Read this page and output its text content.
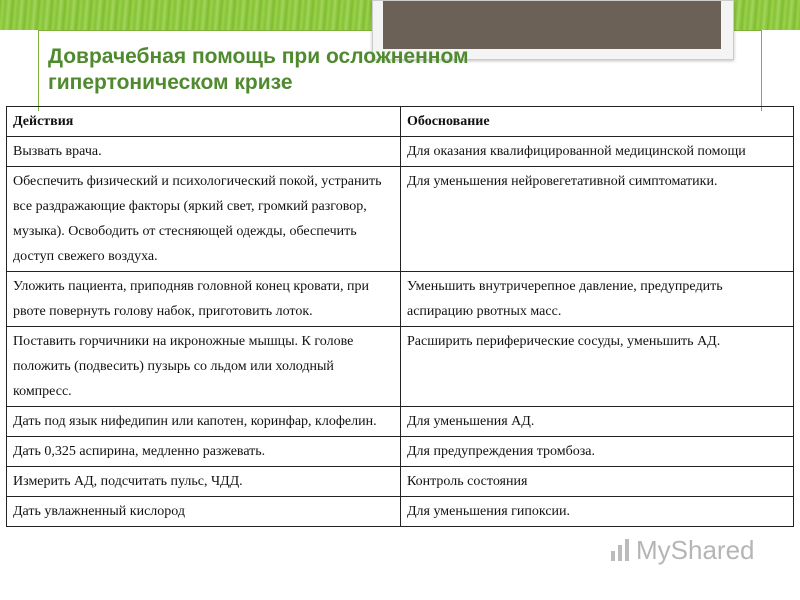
Доврачебная помощь при осложненном
гипертоническом кризе
Действия	Обоснование
Вызвать врача.	Для оказания квалифицированной медицинской помощи
Обеспечить физический и психологический покой, устранить все раздражающие факторы (яркий свет, громкий разговор, музыка). Освободить от стесняющей одежды, обеспечить доступ свежего воздуха.	Для уменьшения нейровегетативной симптоматики.
Уложить пациента, приподняв головной конец кровати, при рвоте повернуть голову набок, приготовить лоток.	Уменьшить внутричерепное давление, предупредить аспирацию рвотных масс.
Поставить горчичники на икроножные мышцы. К голове положить (подвесить) пузырь со льдом или холодный компресс.	Расширить периферические сосуды, уменьшить АД.
Дать под язык нифедипин или капотен, коринфар, клофелин.	Для уменьшения АД.
Дать 0,325 аспирина, медленно разжевать.	Для предупреждения тромбоза.
Измерить АД, подсчитать пульс, ЧДД.	Контроль состояния
Дать увлажненный кислород	Для уменьшения гипоксии.
MyShared
